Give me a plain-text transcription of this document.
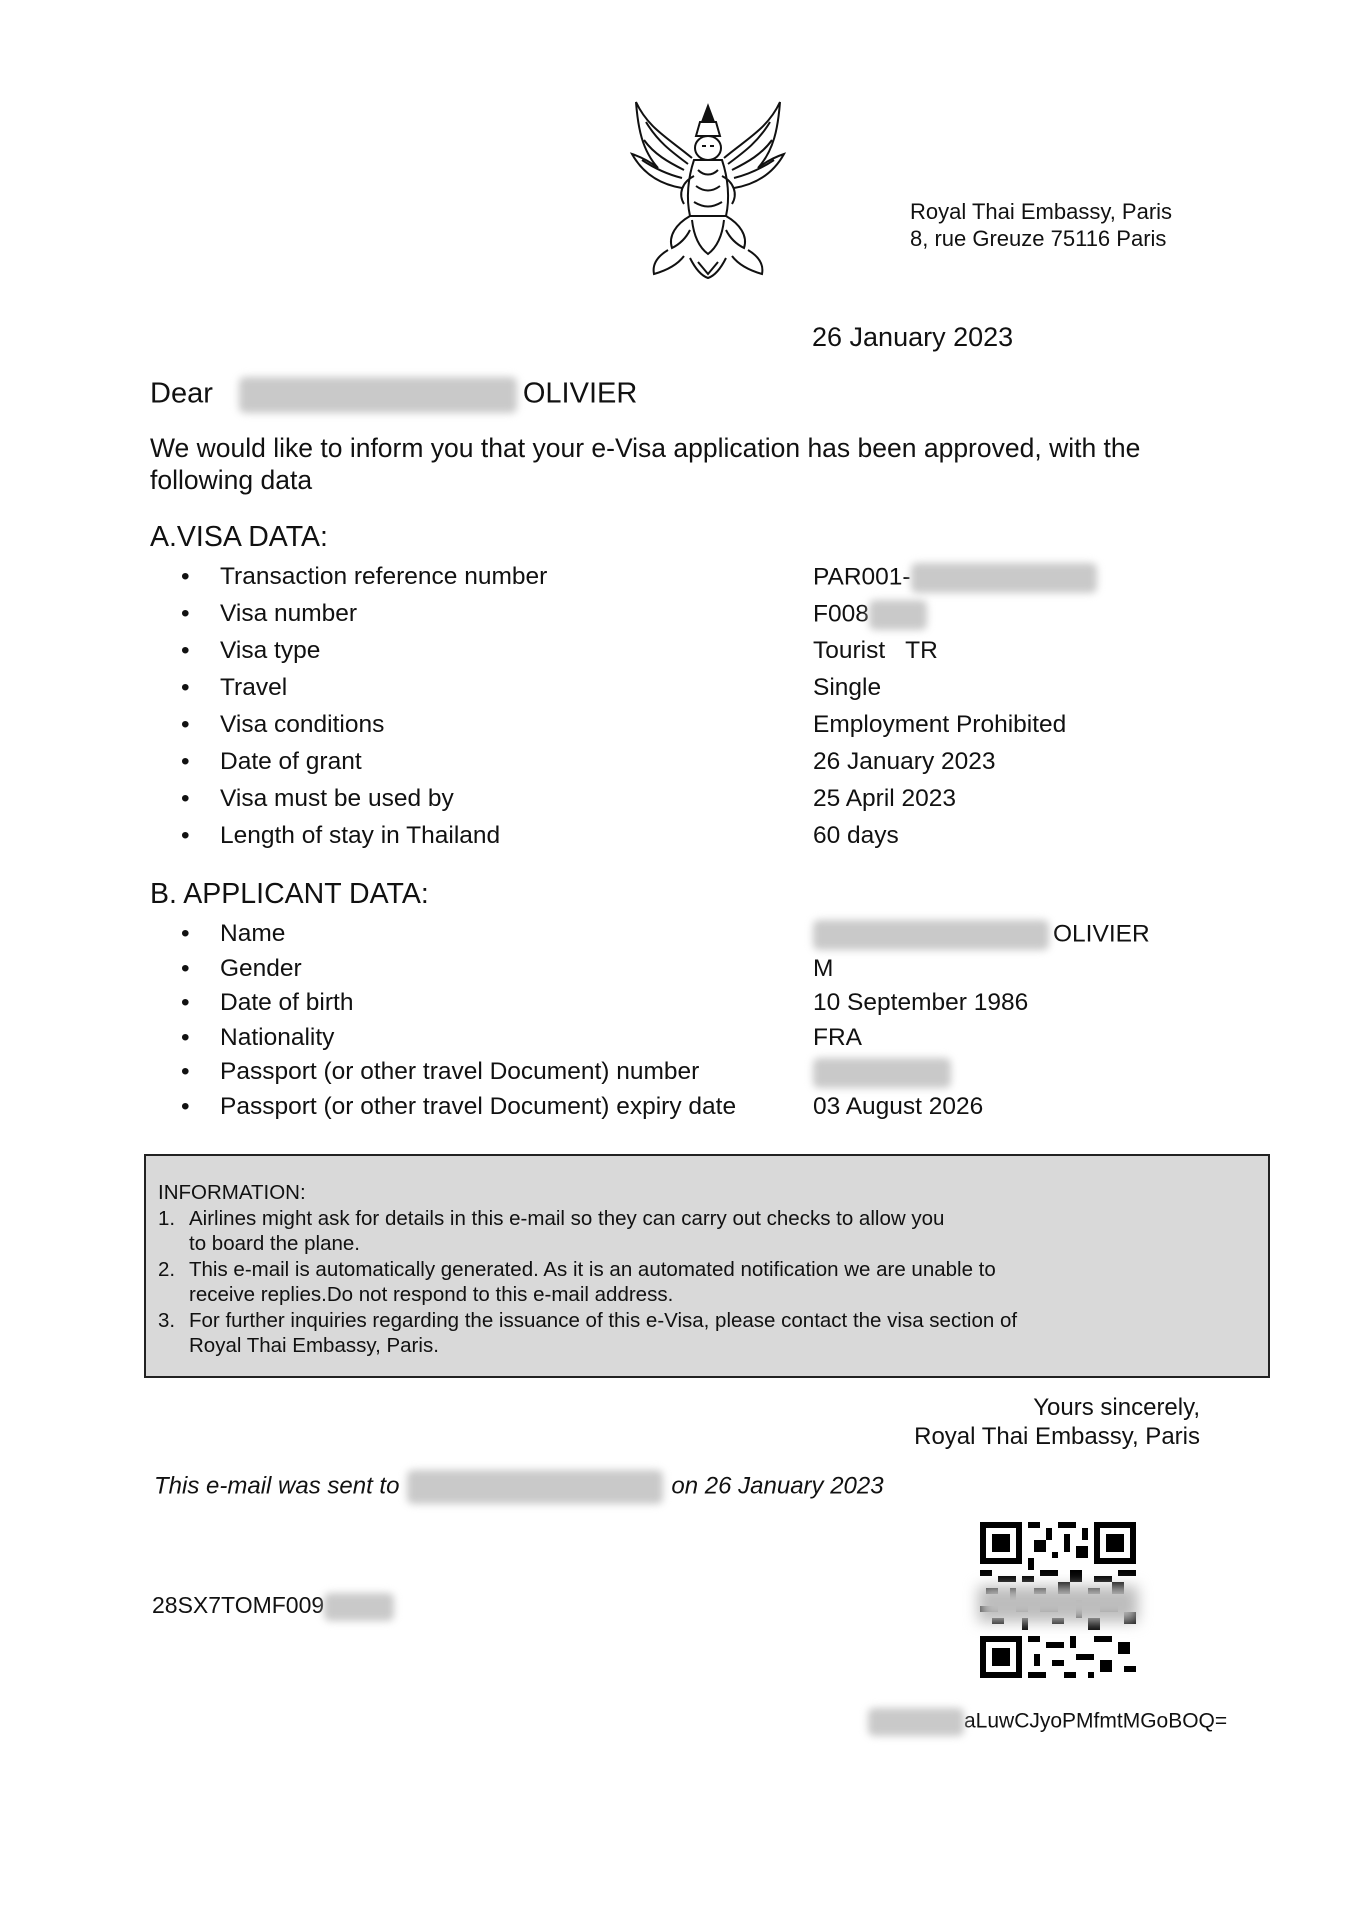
Royal Thai Embassy, Paris
8, rue Greuze 75116 Paris
26 January 2023
Dear	OLIVIER
We would like to inform you that your e-Visa application has been approved, with the following data
A.VISA DATA:
• Transaction reference number	PAR001-
• Visa number	F008
• Visa type	Tourist   TR
• Travel	Single
• Visa conditions	Employment Prohibited
• Date of grant	26 January 2023
• Visa must be used by	25 April 2023
• Length of stay in Thailand	60 days
B. APPLICANT DATA:
• Name	OLIVIER
• Gender	M
• Date of birth	10 September 1986
• Nationality	FRA
• Passport (or other travel Document) number
• Passport (or other travel Document) expiry date	03 August 2026
INFORMATION:
1. Airlines might ask for details in this e-mail so they can carry out checks to allow you
to board the plane.
2. This e-mail is automatically generated. As it is an automated notification we are unable to
receive replies.Do not respond to this e-mail address.
3. For further inquiries regarding the issuance of this e-Visa, please contact the visa section of
Royal Thai Embassy, Paris.
Yours sincerely,
Royal Thai Embassy, Paris
This e-mail was sent to	on 26 January 2023
28SX7TOMF009
aLuwCJyoPMfmtMGoBOQ=
